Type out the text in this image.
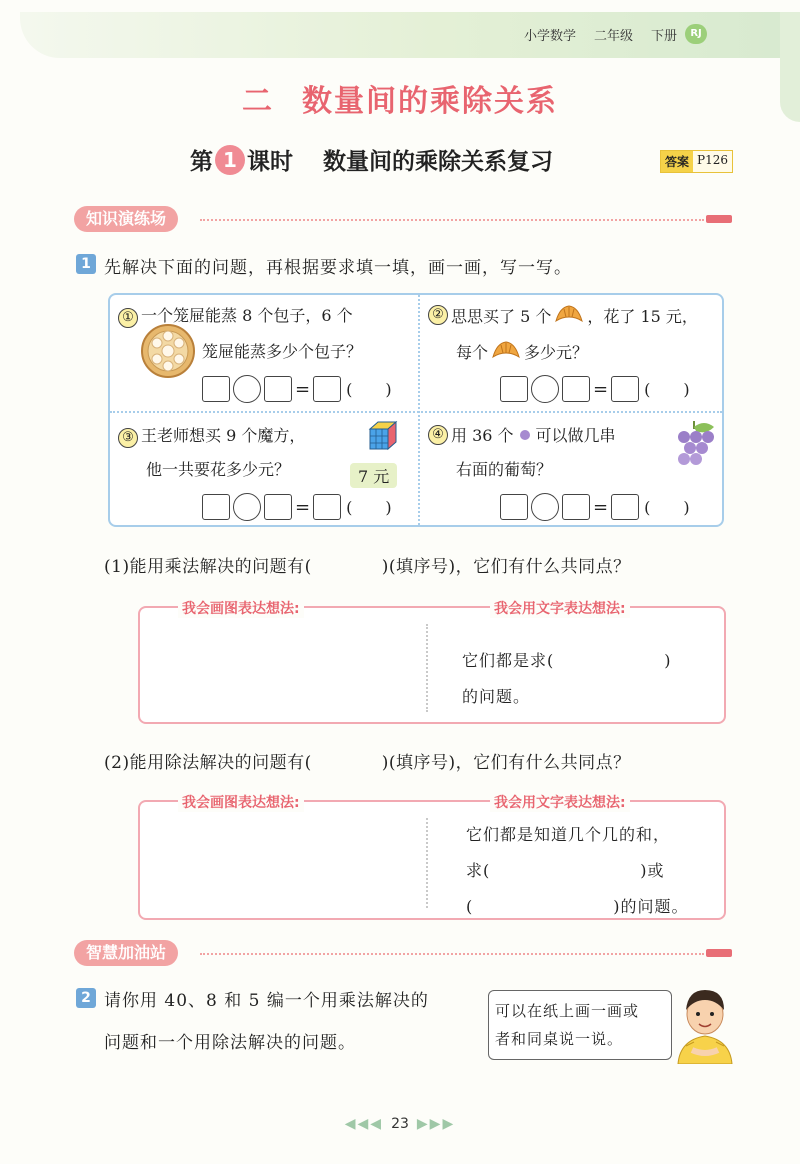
小学数学 二年级 下册	RJ
二 数量间的乘除关系
第 1 课时 数量间的乘除关系复习	答案 P126
知识演练场
1 先解决下面的问题，再根据要求填一填，画一画，写一写。
① 一个笼屉能蒸 8 个包子，6 个
笼屉能蒸多少个包子？
= ( )
② 思思买了 5 个 ，花了 15 元，
每个 多少元？
= ( )
③ 王老师想买 9 个魔方，
他一共要花多少元？	7 元
= ( )
④ 用 36 个 可以做几串
右面的葡萄？
= ( )
(1)能用乘法解决的问题有(	)(填序号)，它们有什么共同点？
它们都是求(	)
的问题。
我会画图表达想法:	我会用文字表达想法:
(2)能用除法解决的问题有(	)(填序号)，它们有什么共同点？
它们都是知道几个几的和，
求(	)或
(	)的问题。
我会画图表达想法:	我会用文字表达想法:
智慧加油站
2 请你用 40、8 和 5 编一个用乘法解决的
问题和一个用除法解决的问题。
可以在纸上画一画或
者和同桌说一说。
◀◀◀ 23 ▶▶▶
